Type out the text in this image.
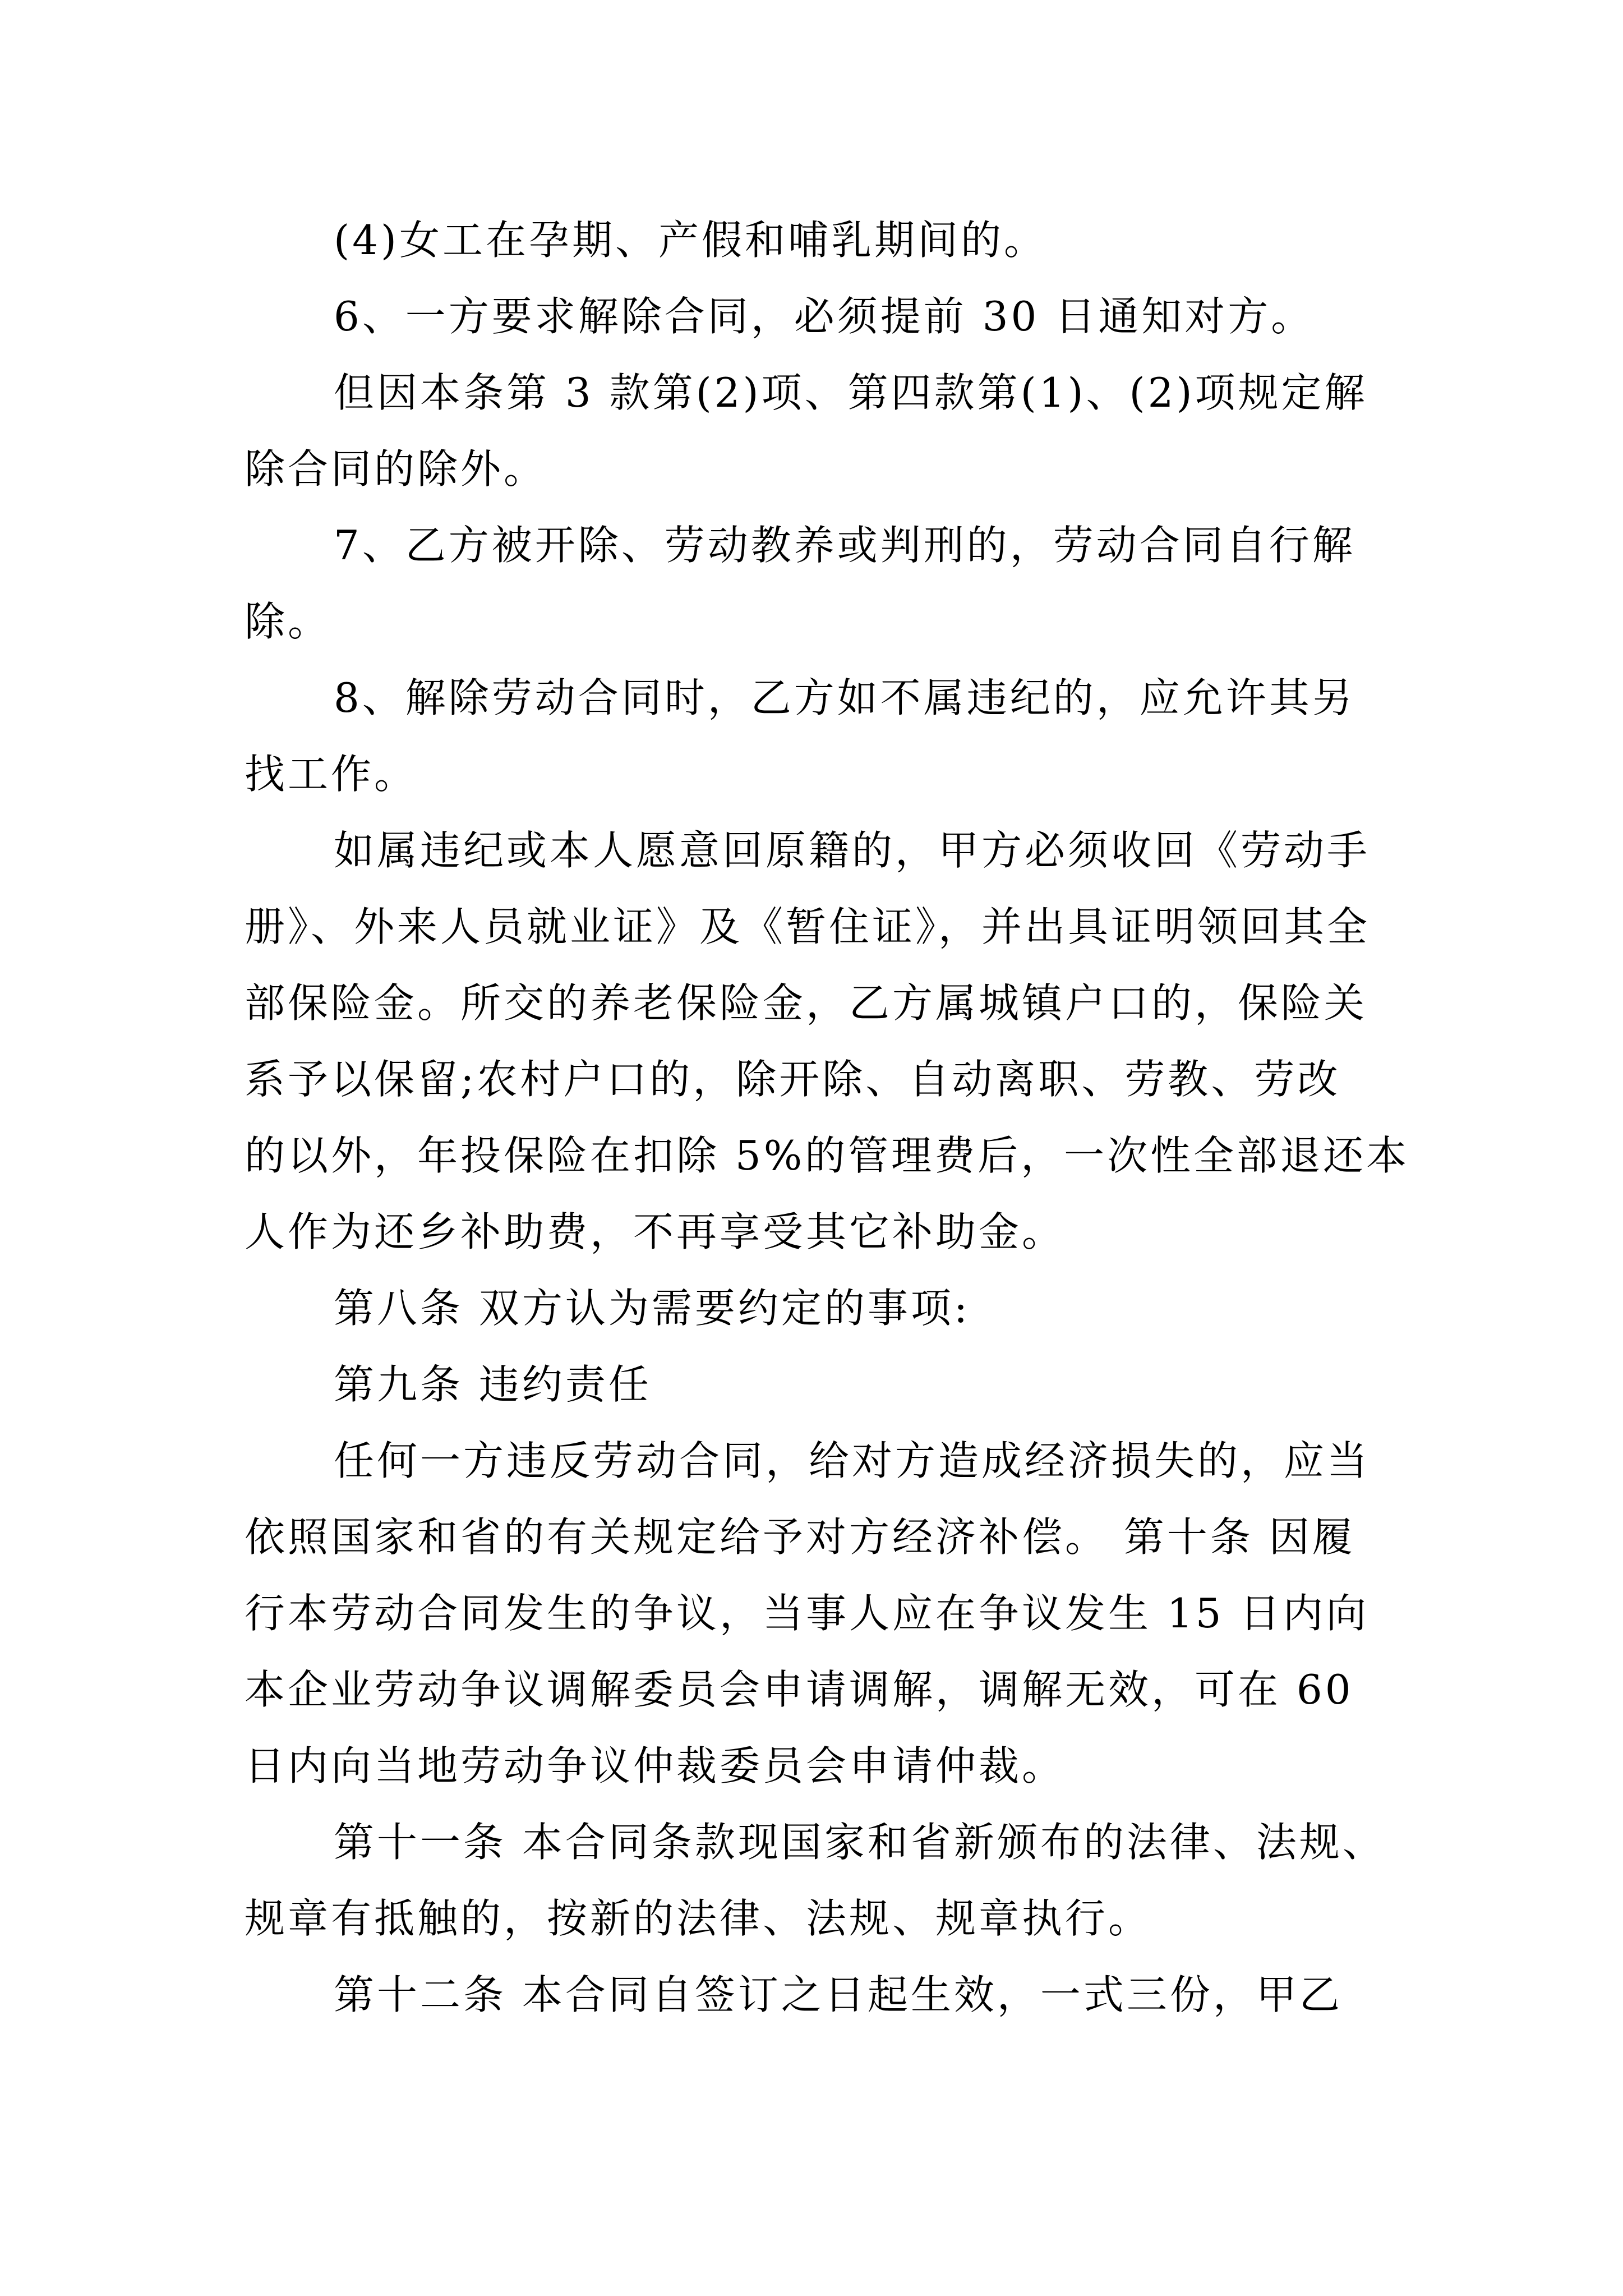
(4)女工在孕期、产假和哺乳期间的。
6、一方要求解除合同，必须提前 30 日通知对方。
但因本条第 3 款第(2)项、第四款第(1)、(2)项规定解
除合同的除外。
7、乙方被开除、劳动教养或判刑的，劳动合同自行解
除。
8、解除劳动合同时，乙方如不属违纪的，应允许其另
找工作。
如属违纪或本人愿意回原籍的，甲方必须收回《劳动手
册》、外来人员就业证》及《暂住证》，并出具证明领回其全
部保险金。所交的养老保险金，乙方属城镇户口的，保险关
系予以保留;农村户口的，除开除、自动离职、劳教、劳改
的以外，年投保险在扣除 5%的管理费后，一次性全部退还本
人作为还乡补助费，不再享受其它补助金。
第八条 双方认为需要约定的事项:
第九条 违约责任
任何一方违反劳动合同，给对方造成经济损失的，应当
依照国家和省的有关规定给予对方经济补偿。 第十条 因履
行本劳动合同发生的争议，当事人应在争议发生 15 日内向
本企业劳动争议调解委员会申请调解，调解无效，可在 60
日内向当地劳动争议仲裁委员会申请仲裁。
第十一条 本合同条款现国家和省新颁布的法律、法规、
规章有抵触的，按新的法律、法规、规章执行。
第十二条 本合同自签订之日起生效，一式三份，甲乙
